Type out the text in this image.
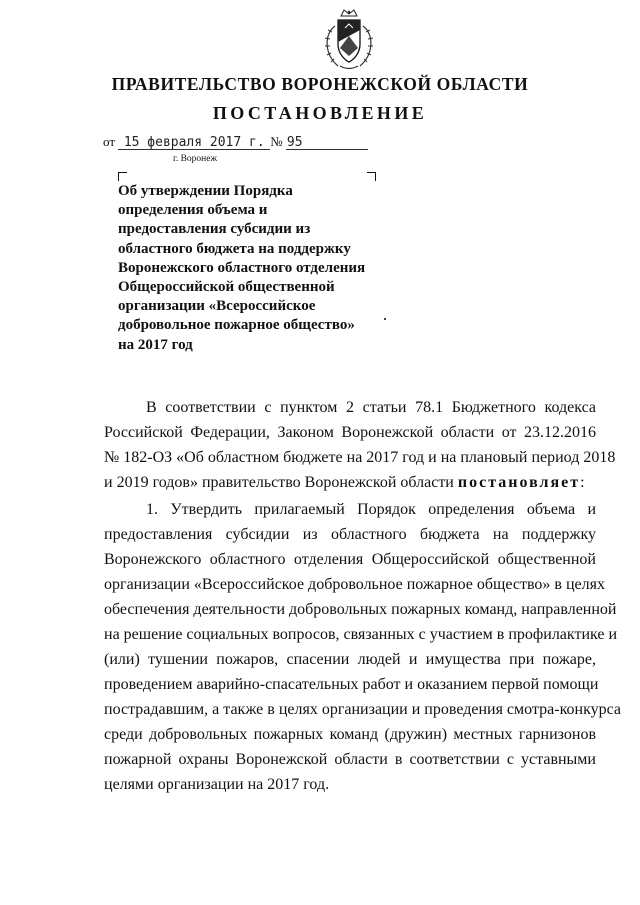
ПРАВИТЕЛЬСТВО ВОРОНЕЖСКОЙ ОБЛАСТИ
ПОСТАНОВЛЕНИЕ
от 15 февраля 2017 г. № 95
г. Воронеж
Об утверждении Порядка
определения объема и
предоставления субсидии из
областного бюджета на поддержку
Воронежского областного отделения
Общероссийской общественной
организации «Всероссийское
добровольное пожарное общество»
на 2017 год
В соответствии с пунктом 2 статьи 78.1 Бюджетного кодекса
Российской Федерации, Законом Воронежской области от 23.12.2016
№ 182-ОЗ «Об областном бюджете на 2017 год и на плановый период 2018
и 2019 годов» правительство Воронежской области постановляет:
1. Утвердить прилагаемый Порядок определения объема и
предоставления субсидии из областного бюджета на поддержку
Воронежского областного отделения Общероссийской общественной
организации «Всероссийское добровольное пожарное общество» в целях
обеспечения деятельности добровольных пожарных команд, направленной
на решение социальных вопросов, связанных с участием в профилактике и
(или) тушении пожаров, спасении людей и имущества при пожаре,
проведением аварийно-спасательных работ и оказанием первой помощи
пострадавшим, а также в целях организации и проведения смотра-конкурса
среди добровольных пожарных команд (дружин) местных гарнизонов
пожарной охраны Воронежской области в соответствии с уставными
целями организации на 2017 год.
